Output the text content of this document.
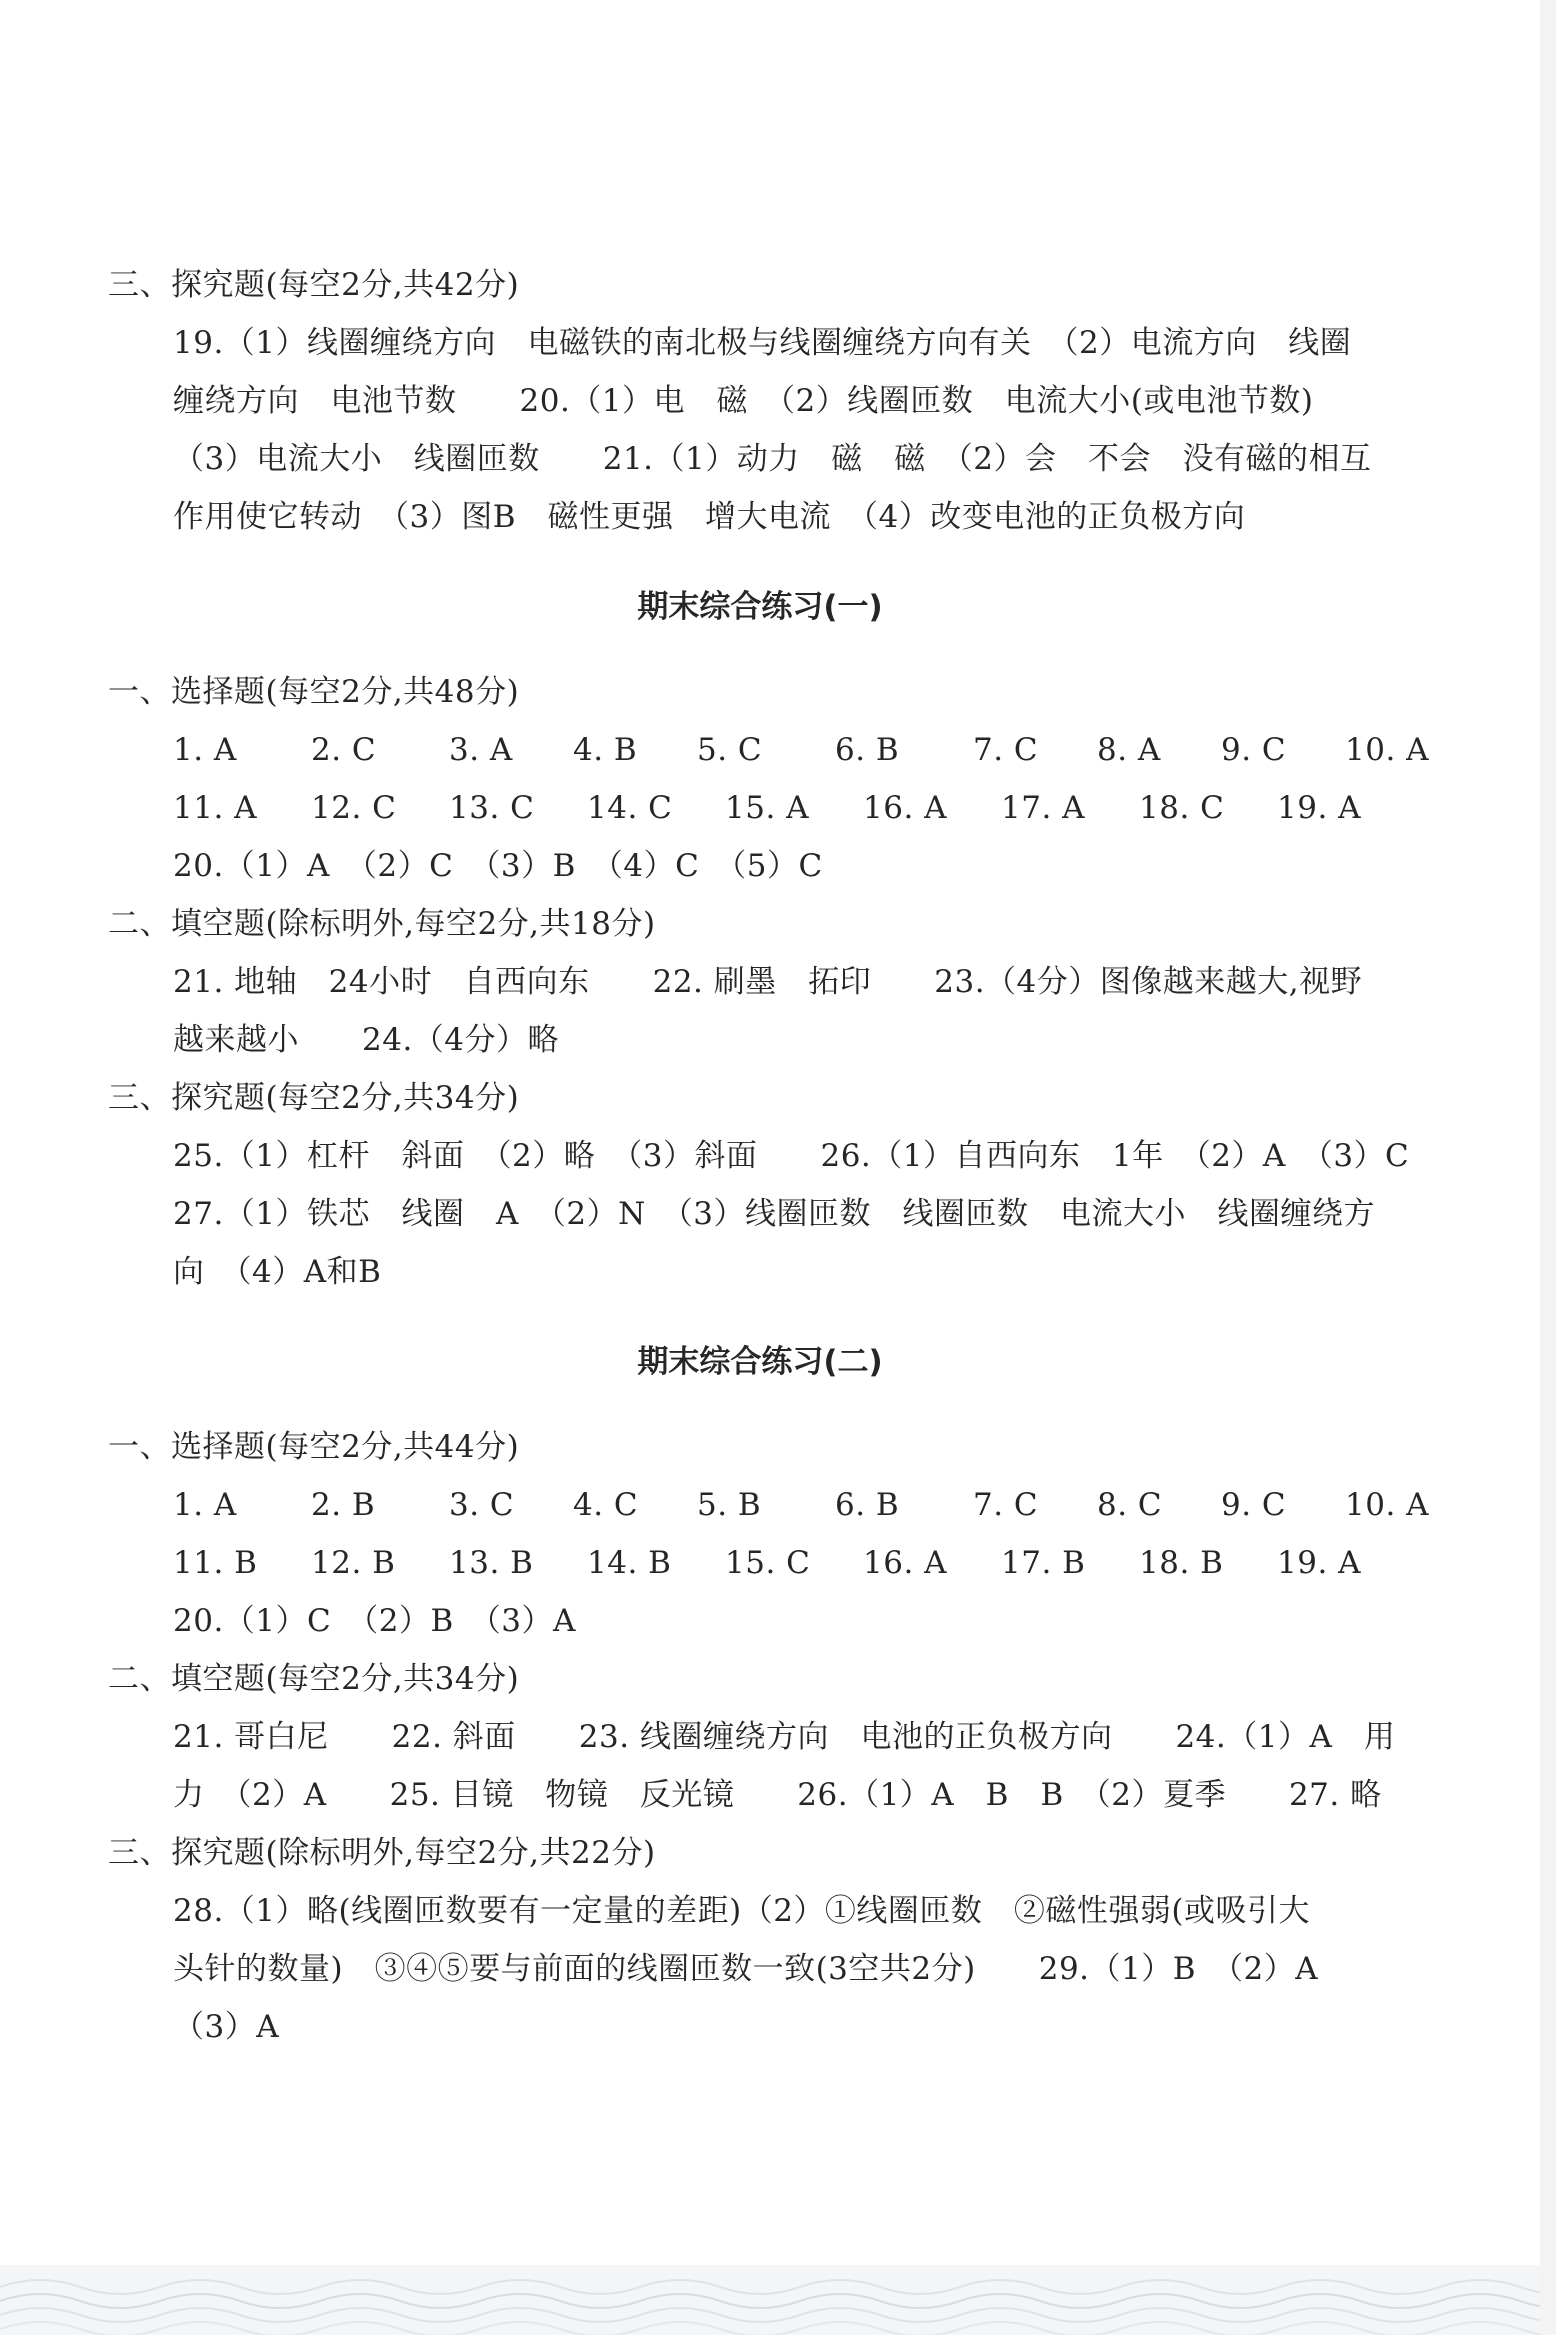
三、探究题(每空2分,共42分)
19.（1）线圈缠绕方向　电磁铁的南北极与线圈缠绕方向有关　（2）电流方向　线圈
缠绕方向　电池节数　　20.（1）电　磁　（2）线圈匝数　电流大小(或电池节数)
（3）电流大小　线圈匝数　　21.（1）动力　磁　磁　（2）会　不会　没有磁的相互
作用使它转动　（3）图B　磁性更强　增大电流　（4）改变电池的正负极方向
期末综合练习(一)
一、选择题(每空2分,共48分)
1. A 2. C 3. A 4. B 5. C 6. B 7. C 8. A 9. C 10. A
11. A 12. C 13. C 14. C 15. A 16. A 17. A 18. C 19. A
20.（1）A　（2）C　（3）B　（4）C　（5）C
二、填空题(除标明外,每空2分,共18分)
21. 地轴　24小时　自西向东　　22. 刷墨　拓印　　23.（4分）图像越来越大,视野
越来越小　　24.（4分）略
三、探究题(每空2分,共34分)
25.（1）杠杆　斜面　（2）略　（3）斜面　　26.（1）自西向东　1年　（2）A　（3）C
27.（1）铁芯　线圈　A　（2）N　（3）线圈匝数　线圈匝数　电流大小　线圈缠绕方
向　（4）A和B
期末综合练习(二)
一、选择题(每空2分,共44分)
1. A 2. B 3. C 4. C 5. B 6. B 7. C 8. C 9. C 10. A
11. B 12. B 13. B 14. B 15. C 16. A 17. B 18. B 19. A
20.（1）C　（2）B　（3）A
二、填空题(每空2分,共34分)
21. 哥白尼　　22. 斜面　　23. 线圈缠绕方向　电池的正负极方向　　24.（1）A　用
力　（2）A　　25. 目镜　物镜　反光镜　　26.（1）A　B　B　（2）夏季　　27. 略
三、探究题(除标明外,每空2分,共22分)
28.（1）略(线圈匝数要有一定量的差距)（2）①线圈匝数　②磁性强弱(或吸引大
头针的数量)　③④⑤要与前面的线圈匝数一致(3空共2分)　　29.（1）B　（2）A
（3）A
